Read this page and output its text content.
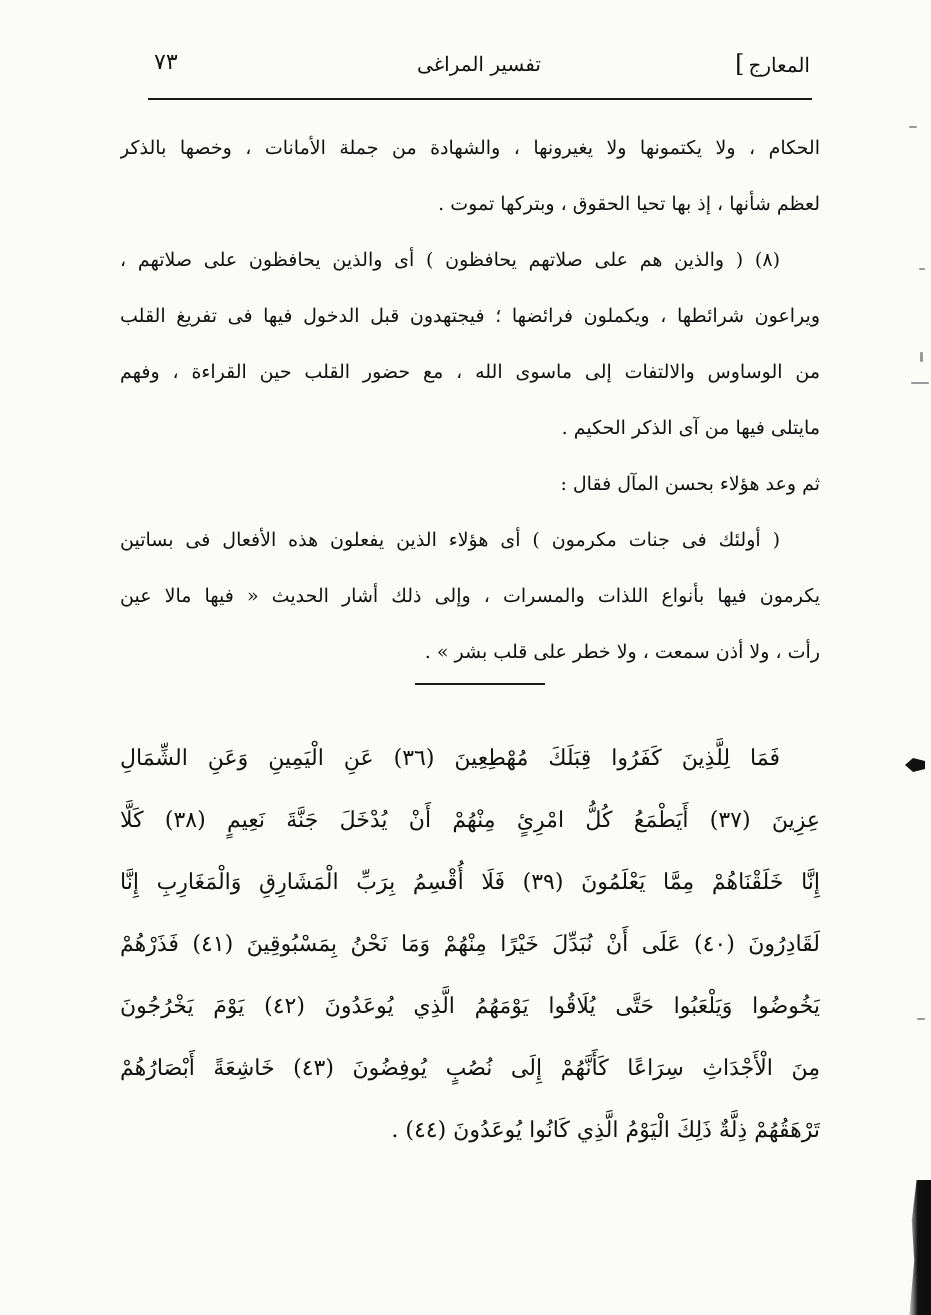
المعارج]
تفسير المراغى
٧٣
الحكام ، ولا يكتمونها ولا يغيرونها ، والشهادة من جملة الأمانات ، وخصها بالذكر
لعظم شأنها ، إذ بها تحيا الحقوق ، وبتركها تموت .
(٨) ( والذين هم على صلاتهم يحافظون ) أى والذين يحافظون على صلاتهم ،
ويراعون شرائطها ، ويكملون فرائضها ؛ فيجتهدون قبل الدخول فيها فى تفريغ القلب
من الوساوس والالتفات إلى ماسوى الله ، مع حضور القلب حين القراءة ، وفهم
مايتلى فيها من آى الذكر الحكيم .
ثم وعد هؤلاء بحسن المآل فقال :
( أولئك فى جنات مكرمون ) أى هؤلاء الذين يفعلون هذه الأفعال فى بساتين
يكرمون فيها بأنواع اللذات والمسرات ، وإلى ذلك أشار الحديث « فيها مالا عين
رأت ، ولا أذن سمعت ، ولا خطر على قلب بشر » .
فَمَا لِلَّذِينَ كَفَرُوا قِبَلَكَ مُهْطِعِينَ (٣٦) عَنِ الْيَمِينِ وَعَنِ الشِّمَالِ
عِزِينَ (٣٧) أَيَطْمَعُ كُلُّ امْرِئٍ مِنْهُمْ أَنْ يُدْخَلَ جَنَّةَ نَعِيمٍ (٣٨) كَلَّا
إِنَّا خَلَقْنَاهُمْ مِمَّا يَعْلَمُونَ (٣٩) فَلَا أُقْسِمُ بِرَبِّ الْمَشَارِقِ وَالْمَغَارِبِ إِنَّا
لَقَادِرُونَ (٤٠) عَلَى أَنْ نُبَدِّلَ خَيْرًا مِنْهُمْ وَمَا نَحْنُ بِمَسْبُوقِينَ (٤١) فَذَرْهُمْ
يَخُوضُوا وَيَلْعَبُوا حَتَّى يُلَاقُوا يَوْمَهُمُ الَّذِي يُوعَدُونَ (٤٢) يَوْمَ يَخْرُجُونَ
مِنَ الْأَجْدَاثِ سِرَاعًا كَأَنَّهُمْ إِلَى نُصُبٍ يُوفِضُونَ (٤٣) خَاشِعَةً أَبْصَارُهُمْ
تَرْهَقُهُمْ ذِلَّةٌ ذَلِكَ الْيَوْمُ الَّذِي كَانُوا يُوعَدُونَ (٤٤) .
